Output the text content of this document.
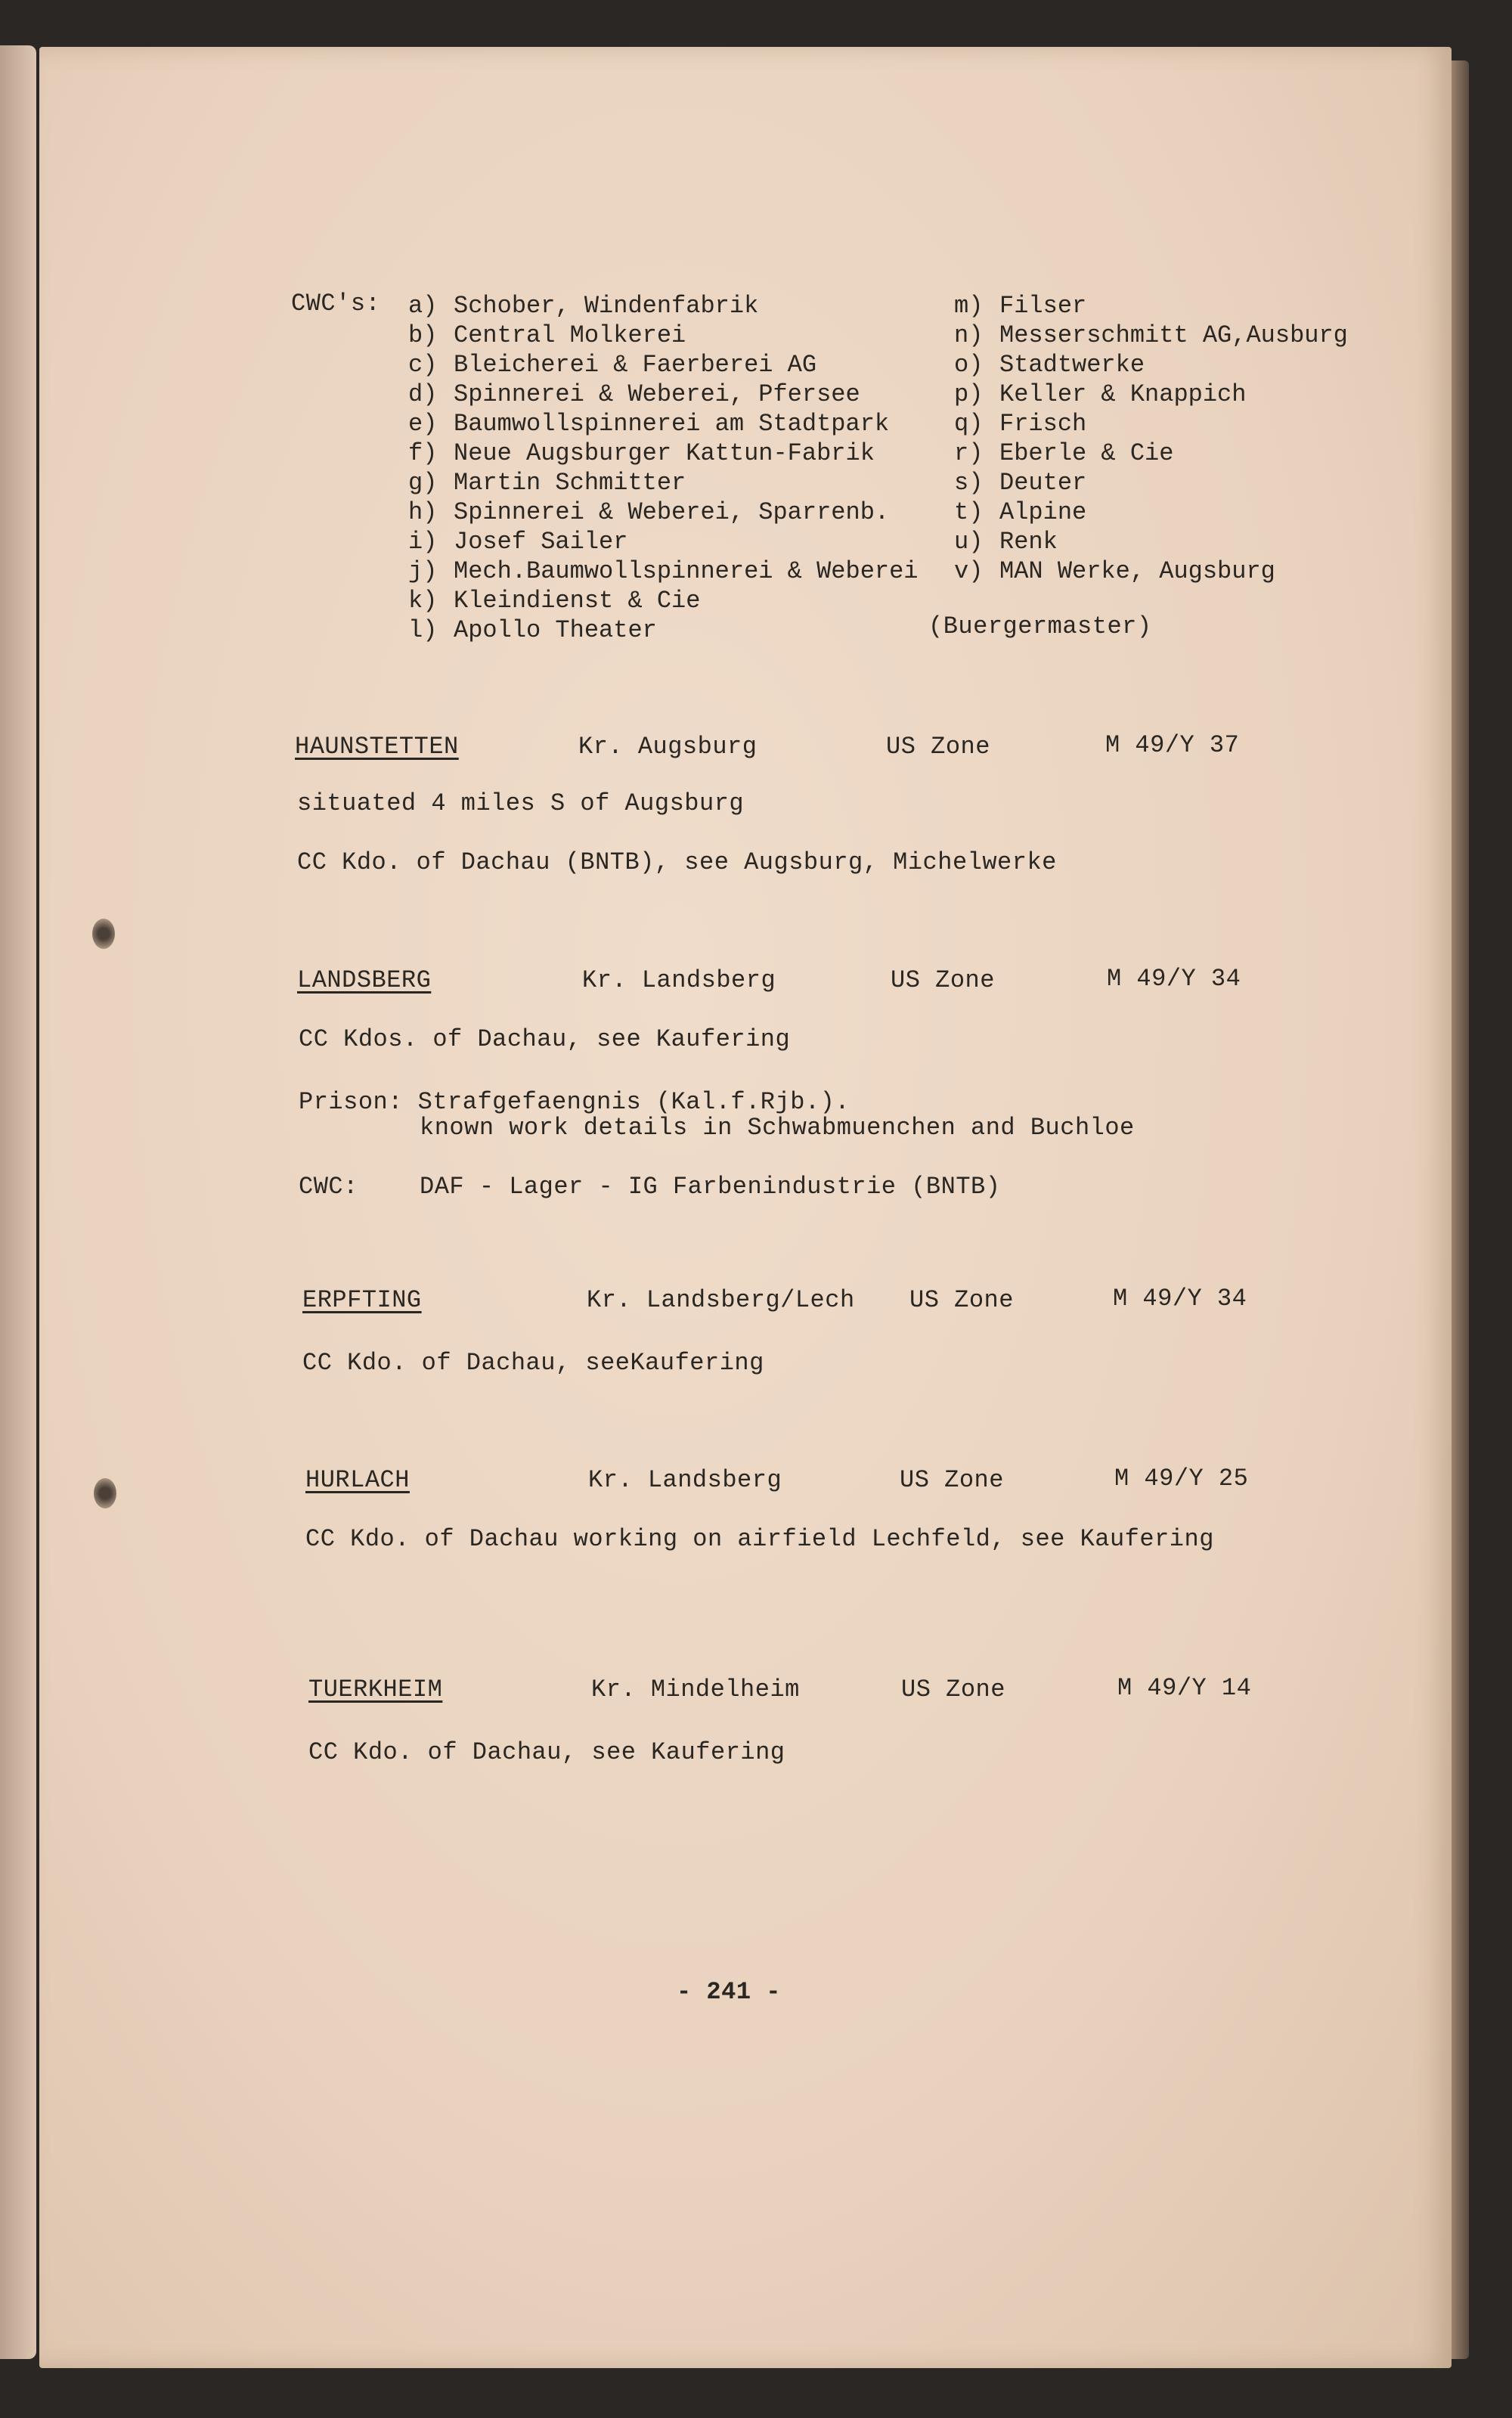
CWC's: a) Schober, Windenfabrik
b) Central Molkerei
c) Bleicherei & Faerberei AG
d) Spinnerei & Weberei, Pfersee
e) Baumwollspinnerei am Stadtpark
f) Neue Augsburger Kattun-Fabrik
g) Martin Schmitter
h) Spinnerei & Weberei, Sparrenb.
i) Josef Sailer
j) Mech.Baumwollspinnerei & Weberei
k) Kleindienst & Cie
l) Apollo Theater
m) Filser
n) Messerschmitt AG,Ausburg
o) Stadtwerke
p) Keller & Knappich
q) Frisch
r) Eberle & Cie
s) Deuter
t) Alpine
u) Renk
v) MAN Werke, Augsburg
(Buergermaster)
HAUNSTETTEN	Kr. Augsburg	US Zone	M 49/Y 37
situated 4 miles S of Augsburg
CC Kdo. of Dachau (BNTB), see Augsburg, Michelwerke
LANDSBERG	Kr. Landsberg	US Zone	M 49/Y 34
CC Kdos. of Dachau, see Kaufering
Prison: Strafgefaengnis (Kal.f.Rjb.).
known work details in Schwabmuenchen and Buchloe
CWC:	DAF - Lager - IG Farbenindustrie (BNTB)
ERPFTING	Kr. Landsberg/Lech US Zone	M 49/Y 34
CC Kdo. of Dachau, seeKaufering
HURLACH	Kr. Landsberg	US Zone	M 49/Y 25
CC Kdo. of Dachau working on airfield Lechfeld, see Kaufering
TUERKHEIM	Kr. Mindelheim	US Zone	M 49/Y 14
CC Kdo. of Dachau, see Kaufering
- 241 -
